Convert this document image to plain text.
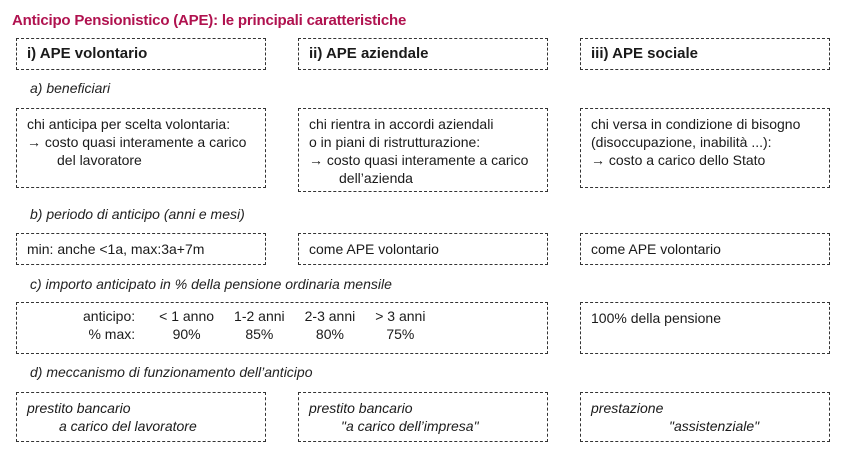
Anticipo Pensionistico (APE): le principali caratteristiche
i) APE volontario	ii) APE aziendale	iii) APE sociale
a) beneficiari
chi anticipa per scelta volontaria:
→ costo quasi interamente a carico
del lavoratore
chi rientra in accordi aziendali
o in piani di ristrutturazione:
→ costo quasi interamente a carico
dell’azienda
chi versa in condizione di bisogno
(disoccupazione, inabilità ...):
→ costo a carico dello Stato
b) periodo di anticipo (anni e mesi)
min: anche <1a, max:3a+7m	come APE volontario	come APE volontario
c) importo anticipato in % della pensione ordinaria mensile
anticipo:	< 1 anno	1-2 anni	2-3 anni	> 3 anni
% max:	90%	85%	80%	75%
100% della pensione
d) meccanismo di funzionamento dell’anticipo
prestito bancario
a carico del lavoratore
prestito bancario
"a carico dell’impresa"
prestazione
"assistenziale"
